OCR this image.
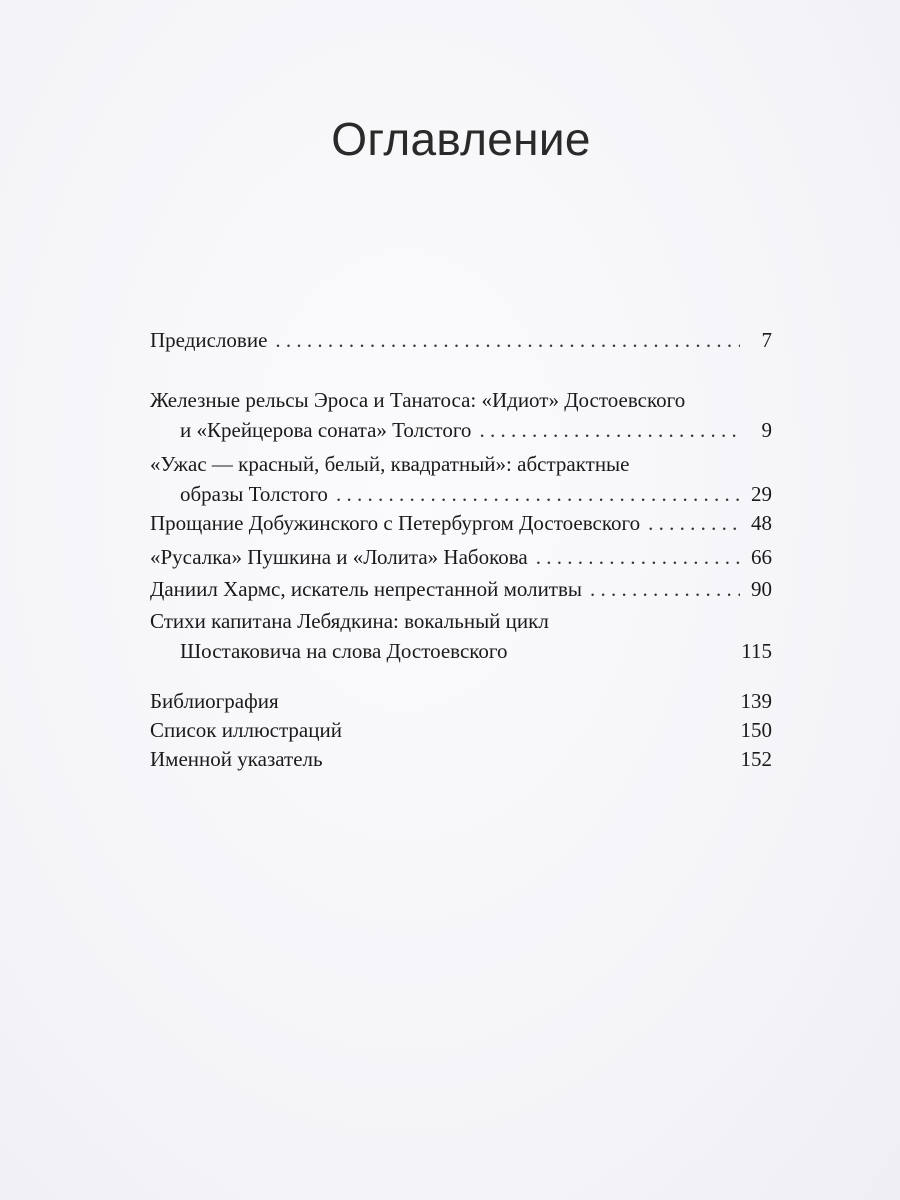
Оглавление
Предисловие . . .	7
Железные рельсы Эроса и Танатоса: «Идиот» Достоевского
и «Крейцерова соната» Толстого . . .	9
«Ужас — красный, белый, квадратный»: абстрактные
образы Толстого . . .	29
Прощание Добужинского с Петербургом Достоевского . . .	48
«Русалка» Пушкина и «Лолита» Набокова . . .	66
Даниил Хармс, искатель непрестанной молитвы . . .	90
Стихи капитана Лебядкина: вокальный цикл
Шостаковича на слова Достоевского	115
Библиография	139
Список иллюстраций	150
Именной указатель	152
